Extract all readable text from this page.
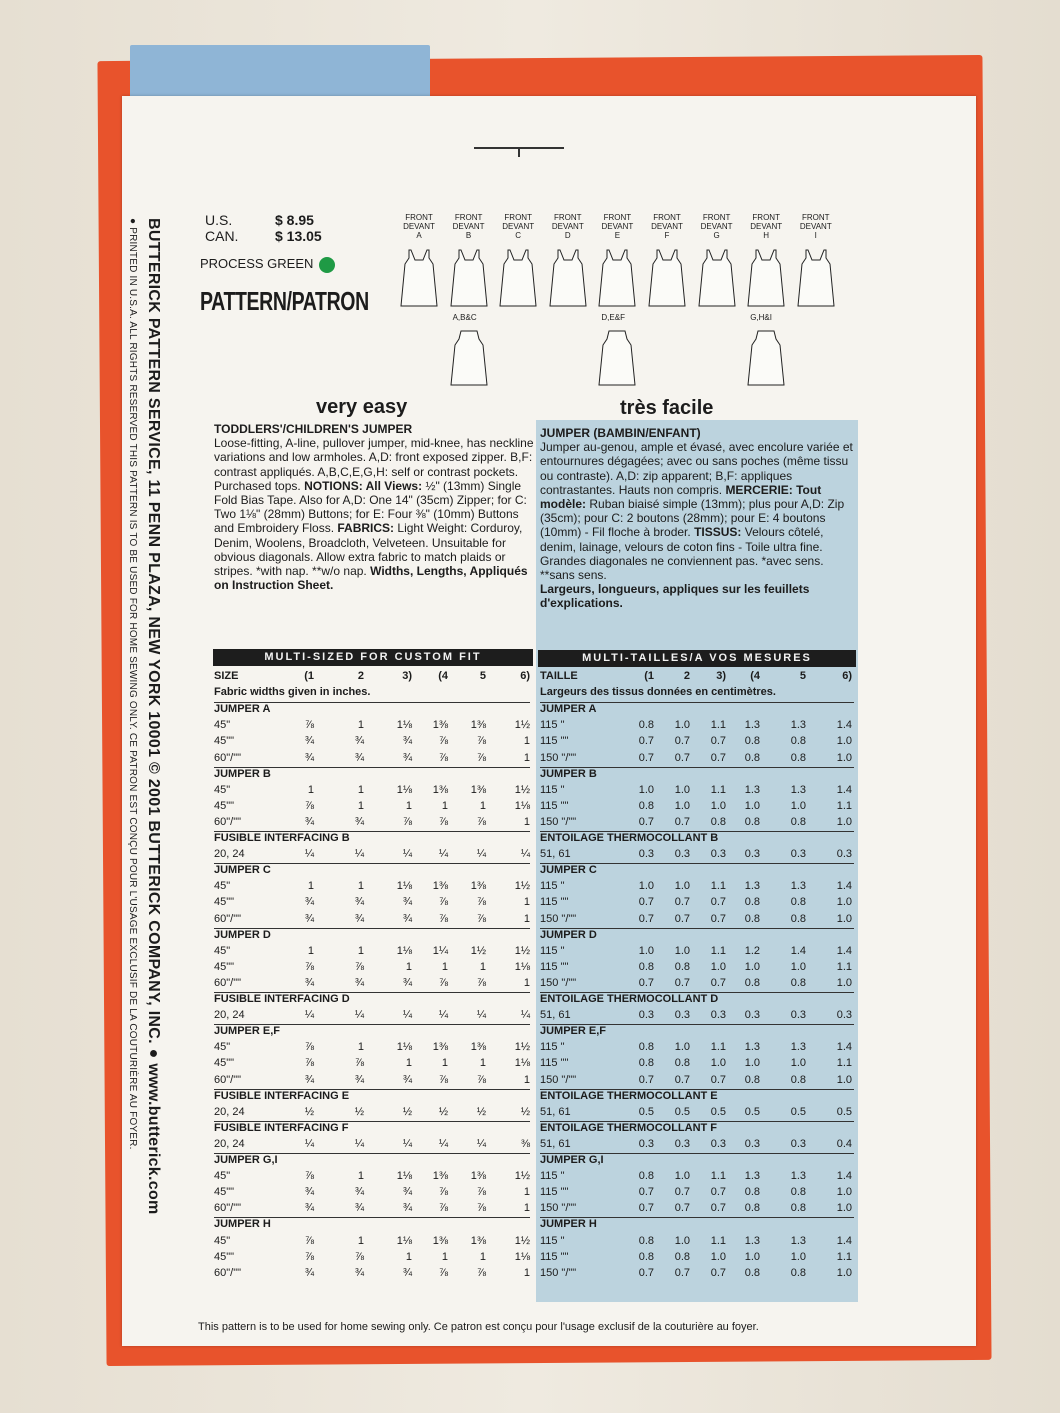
BUTTERICK PATTERN SERVICE, 11 PENN PLAZA, NEW YORK 10001 © 2001 BUTTERICK COMPANY, INC. ● www.butterick.com
● PRINTED IN U.S.A. ALL RIGHTS RESERVED THIS PATTERN IS TO BE USED FOR HOME SEWING ONLY. CE PATRON EST CONÇU POUR L'USAGE EXCLUSIF DE LA COUTURIÈRE AU FOYER.	U.S.	$ 8.95
CAN.	$ 13.05
PROCESS GREEN
PATTERN/PATRON
FRONT
DEVANT
A
FRONT
DEVANT
B
FRONT
DEVANT
C
FRONT
DEVANT
D
FRONT
DEVANT
E
FRONT
DEVANT
F
FRONT
DEVANT
G
FRONT
DEVANT
H
FRONT
DEVANT
I
A,B&C	D,E&F	G,H&I
very easy	très facile
TODDLERS'/CHILDREN'S JUMPER
Loose-fitting, A-line, pullover jumper, mid-knee, has neckline variations and low armholes. A,D: front exposed zipper. B,F: contrast appliqués. A,B,C,E,G,H: self or contrast pockets. Purchased tops. NOTIONS: All Views: ½" (13mm) Single Fold Bias Tape. Also for A,D: One 14" (35cm) Zipper; for C: Two 1⅛" (28mm) Buttons; for E: Four ⅜" (10mm) Buttons and Embroidery Floss. FABRICS: Light Weight: Corduroy, Denim, Woolens, Broadcloth, Velveteen. Unsuitable for obvious diagonals. Allow extra fabric to match plaids or stripes. *with nap. **w/o nap. Widths, Lengths, Appliqués on Instruction Sheet.
JUMPER (BAMBIN/ENFANT)
Jumper au-genou, ample et évasé, avec encolure variée et entournures dégagées; avec ou sans poches (même tissu ou contraste). A,D: zip apparent; B,F: appliques contrastantes. Hauts non compris. MERCERIE: Tout modèle: Ruban biaisé simple (13mm); plus pour A,D: Zip (35cm); pour C: 2 boutons (28mm); pour E: 4 boutons (10mm) - Fil floche à broder. TISSUS: Velours côtelé, denim, lainage, velours de coton fins - Toile ultra fine. Grandes diagonales ne conviennent pas. *avec sens. **sans sens.
Largeurs, longueurs, appliques sur les feuillets d'explications.
MULTI-SIZED FOR CUSTOM FIT	MULTI-TAILLES/A VOS MESURES
SIZE	(1	2	3)	(4	5	6)
Fabric widths given in inches.
JUMPER A
45"	⅞	1	1⅛	1⅜	1⅜	1½
45""	¾	¾	¾	⅞	⅞	1
60"/""	¾	¾	¾	⅞	⅞	1
JUMPER B
45"	1	1	1⅛	1⅜	1⅜	1½
45""	⅞	1	1	1	1	1⅛
60"/""	¾	¾	⅞	⅞	⅞	1
FUSIBLE INTERFACING B
20, 24	¼	¼	¼	¼	¼	¼
JUMPER C
45"	1	1	1⅛	1⅜	1⅜	1½
45""	¾	¾	¾	⅞	⅞	1
60"/""	¾	¾	¾	⅞	⅞	1
JUMPER D
45"	1	1	1⅛	1¼	1½	1½
45""	⅞	⅞	1	1	1	1⅛
60"/""	¾	¾	¾	⅞	⅞	1
FUSIBLE INTERFACING D
20, 24	¼	¼	¼	¼	¼	¼
JUMPER E,F
45"	⅞	1	1⅛	1⅜	1⅜	1½
45""	⅞	⅞	1	1	1	1⅛
60"/""	¾	¾	¾	⅞	⅞	1
FUSIBLE INTERFACING E
20, 24	½	½	½	½	½	½
FUSIBLE INTERFACING F
20, 24	¼	¼	¼	¼	¼	⅜
JUMPER G,I
45"	⅞	1	1⅛	1⅜	1⅜	1½
45""	¾	¾	¾	⅞	⅞	1
60"/""	¾	¾	¾	⅞	⅞	1
JUMPER H
45"	⅞	1	1⅛	1⅜	1⅜	1½
45""	⅞	⅞	1	1	1	1⅛
60"/""	¾	¾	¾	⅞	⅞	1
TAILLE	(1	2	3)	(4	5	6)
Largeurs des tissus données en centimètres.
JUMPER A
115 "	0.8	1.0	1.1	1.3	1.3	1.4
115 ""	0.7	0.7	0.7	0.8	0.8	1.0
150 "/""	0.7	0.7	0.7	0.8	0.8	1.0
JUMPER B
115 "	1.0	1.0	1.1	1.3	1.3	1.4
115 ""	0.8	1.0	1.0	1.0	1.0	1.1
150 "/""	0.7	0.7	0.8	0.8	0.8	1.0
ENTOILAGE THERMOCOLLANT B
51, 61	0.3	0.3	0.3	0.3	0.3	0.3
JUMPER C
115 "	1.0	1.0	1.1	1.3	1.3	1.4
115 ""	0.7	0.7	0.7	0.8	0.8	1.0
150 "/""	0.7	0.7	0.7	0.8	0.8	1.0
JUMPER D
115 "	1.0	1.0	1.1	1.2	1.4	1.4
115 ""	0.8	0.8	1.0	1.0	1.0	1.1
150 "/""	0.7	0.7	0.7	0.8	0.8	1.0
ENTOILAGE THERMOCOLLANT D
51, 61	0.3	0.3	0.3	0.3	0.3	0.3
JUMPER E,F
115 "	0.8	1.0	1.1	1.3	1.3	1.4
115 ""	0.8	0.8	1.0	1.0	1.0	1.1
150 "/""	0.7	0.7	0.7	0.8	0.8	1.0
ENTOILAGE THERMOCOLLANT E
51, 61	0.5	0.5	0.5	0.5	0.5	0.5
ENTOILAGE THERMOCOLLANT F
51, 61	0.3	0.3	0.3	0.3	0.3	0.4
JUMPER G,I
115 "	0.8	1.0	1.1	1.3	1.3	1.4
115 ""	0.7	0.7	0.7	0.8	0.8	1.0
150 "/""	0.7	0.7	0.7	0.8	0.8	1.0
JUMPER H
115 "	0.8	1.0	1.1	1.3	1.3	1.4
115 ""	0.8	0.8	1.0	1.0	1.0	1.1
150 "/""	0.7	0.7	0.7	0.8	0.8	1.0
This pattern is to be used for home sewing only. Ce patron est conçu pour l'usage exclusif de la couturière au foyer.
